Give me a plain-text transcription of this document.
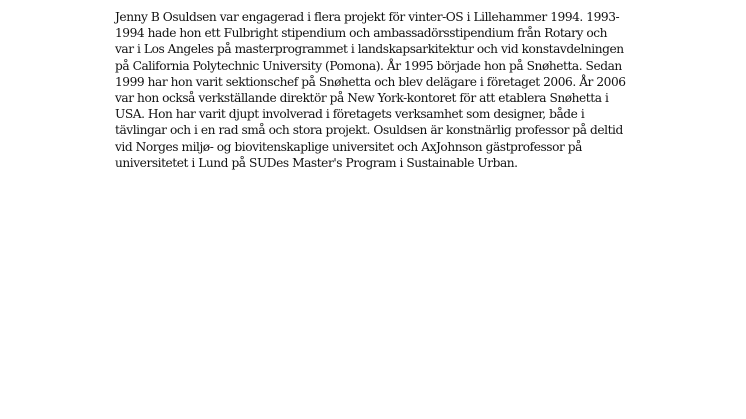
Jenny B Osuldsen var engagerad i flera projekt för vinter-OS i Lillehammer 1994. 1993-
1994 hade hon ett Fulbright stipendium och ambassadörsstipendium från Rotary och
var i Los Angeles på masterprogrammet i landskapsarkitektur och vid konstavdelningen
på California Polytechnic University (Pomona). År 1995 började hon på Snøhetta. Sedan
1999 har hon varit sektionschef på Snøhetta och blev delägare i företaget 2006. År 2006
var hon också verkställande direktör på New York-kontoret för att etablera Snøhetta i
USA. Hon har varit djupt involverad i företagets verksamhet som designer, både i
tävlingar och i en rad små och stora projekt. Osuldsen är konstnärlig professor på deltid
vid Norges miljø- og biovitenskaplige universitet och AxJohnson gästprofessor på
universitetet i Lund på SUDes Master's Program i Sustainable Urban.
